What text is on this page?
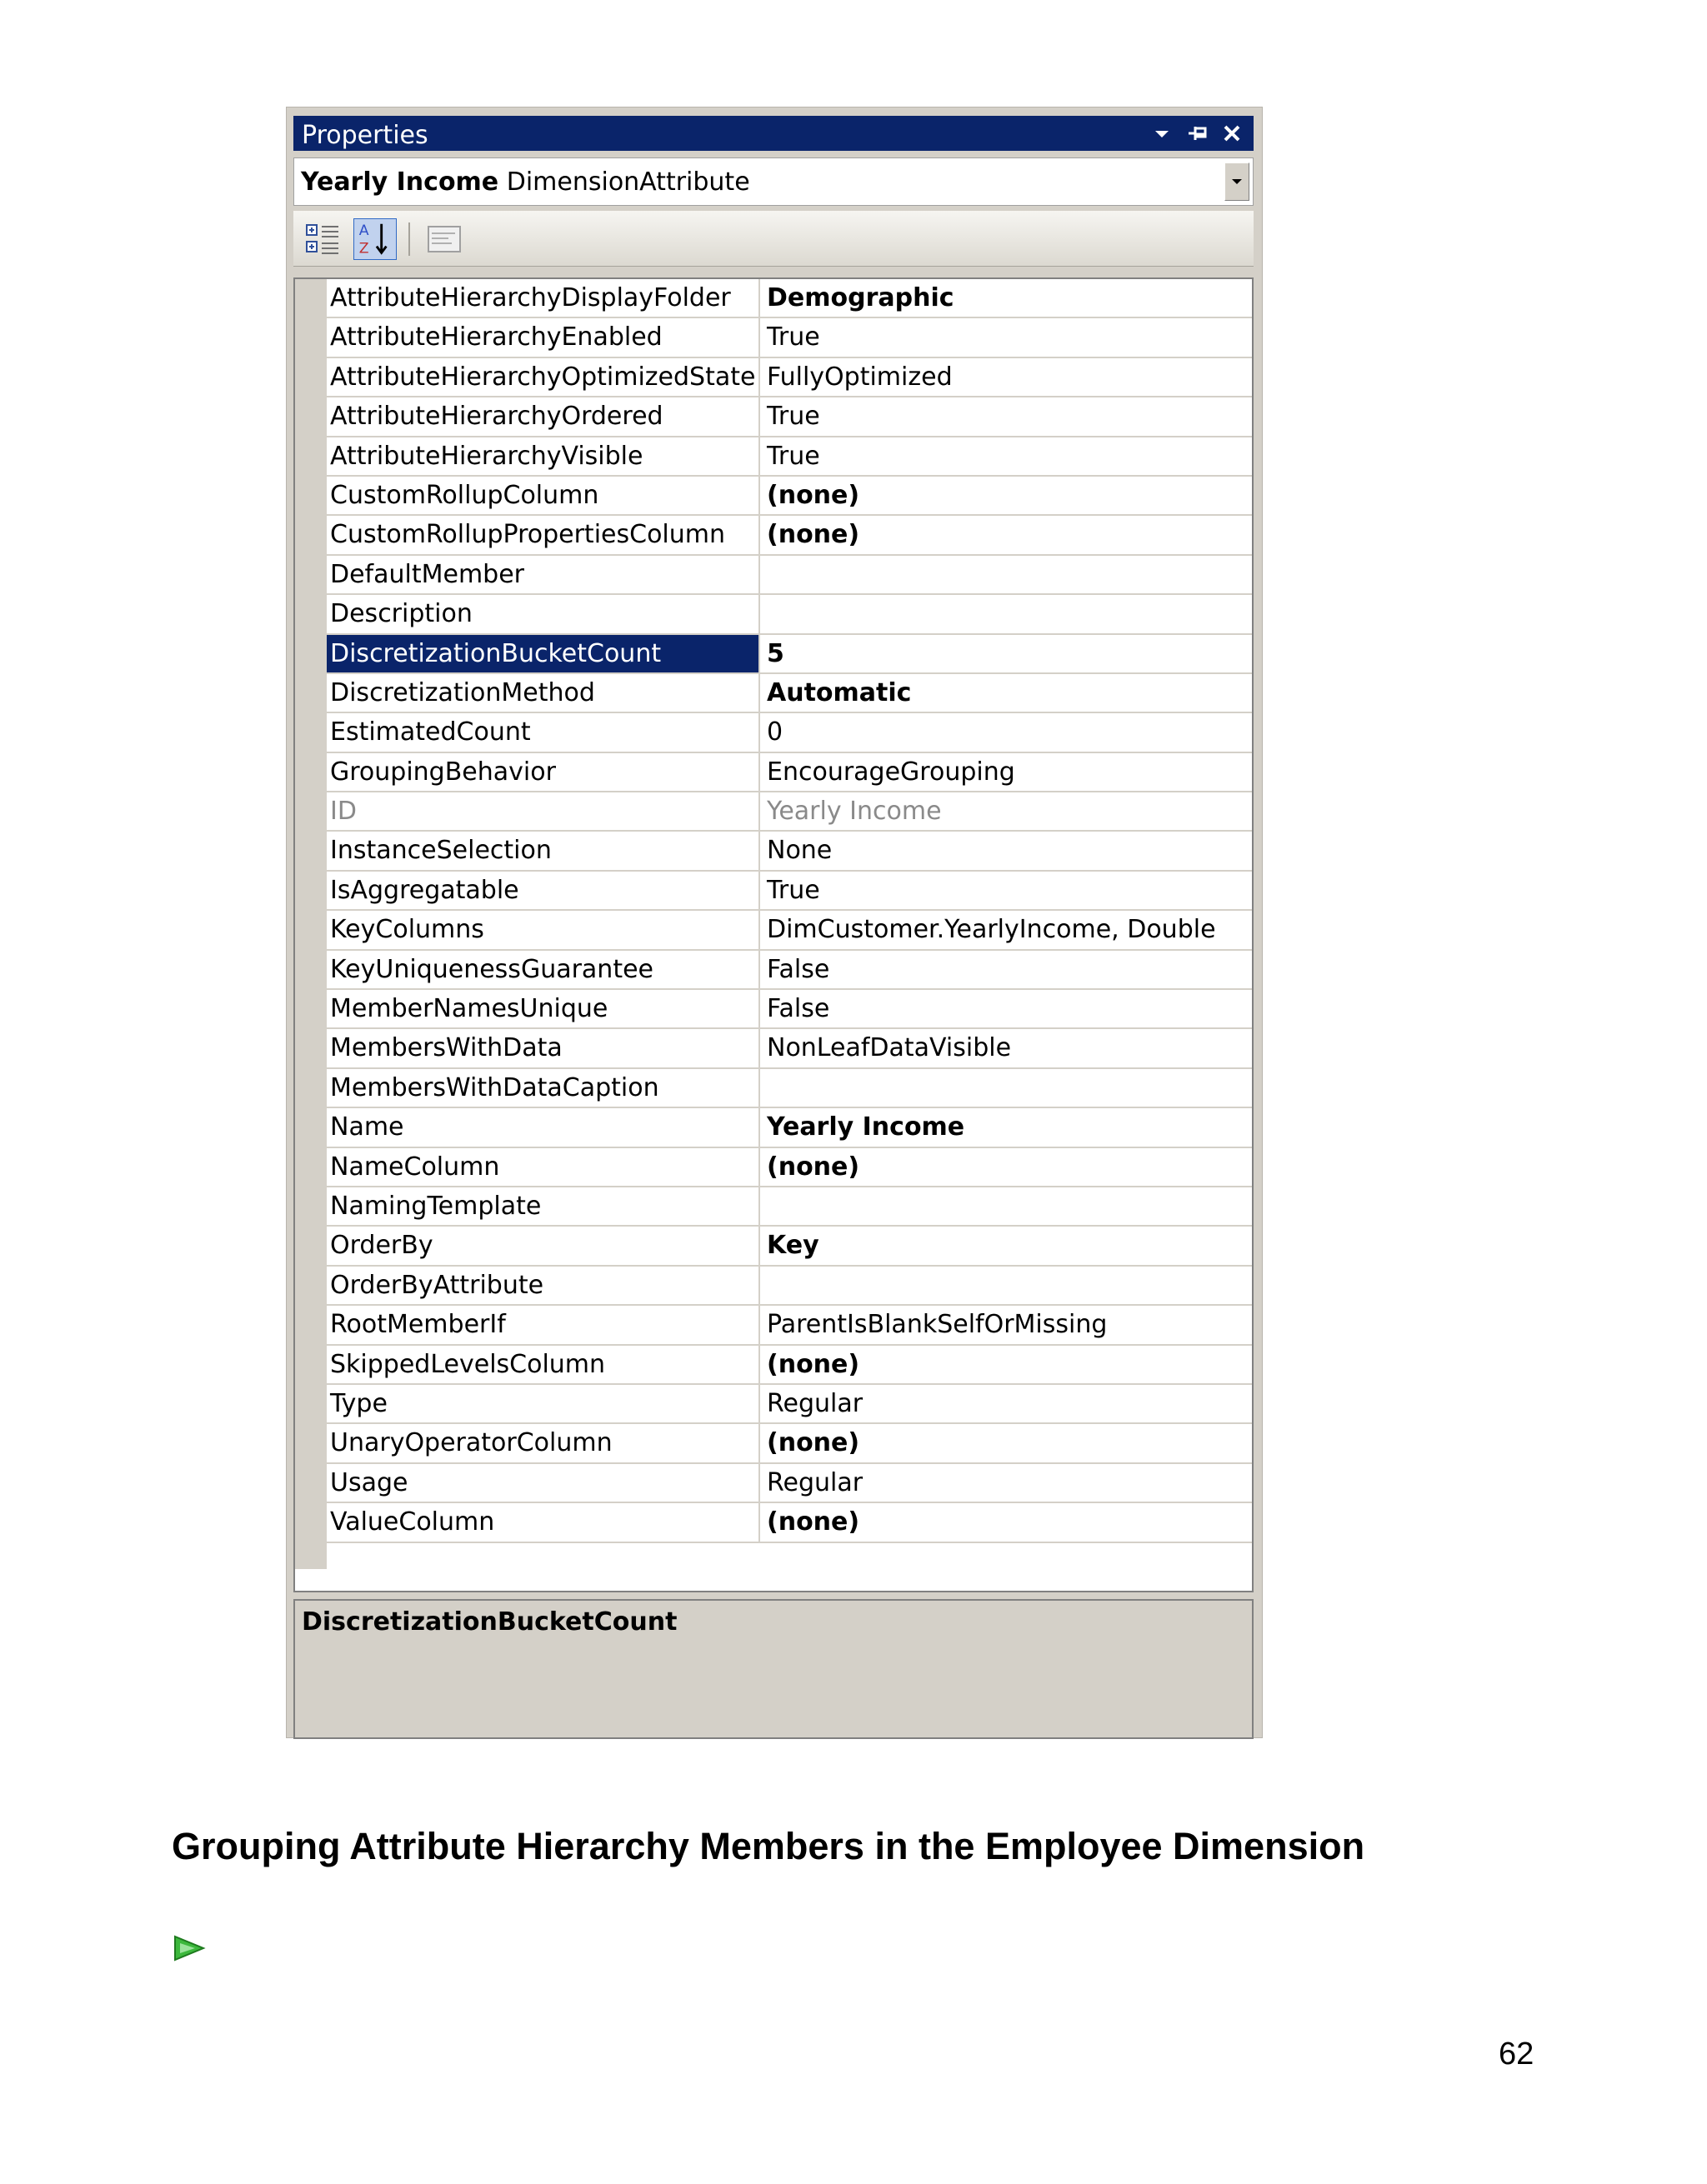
Properties
Yearly Income DimensionAttribute
A
Z
AttributeHierarchyDisplayFolder	Demographic
AttributeHierarchyEnabled	True
AttributeHierarchyOptimizedState FullyOptimized
AttributeHierarchyOrdered	True
AttributeHierarchyVisible	True
CustomRollupColumn	(none)
CustomRollupPropertiesColumn	(none)
DefaultMember
Description
DiscretizationBucketCount	5
DiscretizationMethod	Automatic
EstimatedCount	0
GroupingBehavior	EncourageGrouping
ID	Yearly Income
InstanceSelection	None
IsAggregatable	True
KeyColumns	DimCustomer.YearlyIncome, Double
KeyUniquenessGuarantee	False
MemberNamesUnique	False
MembersWithData	NonLeafDataVisible
MembersWithDataCaption
Name	Yearly Income
NameColumn	(none)
NamingTemplate
OrderBy	Key
OrderByAttribute
RootMemberIf	ParentIsBlankSelfOrMissing
SkippedLevelsColumn	(none)
Type	Regular
UnaryOperatorColumn	(none)
Usage	Regular
ValueColumn	(none)
DiscretizationBucketCount
Grouping Attribute Hierarchy Members in the Employee Dimension
62
